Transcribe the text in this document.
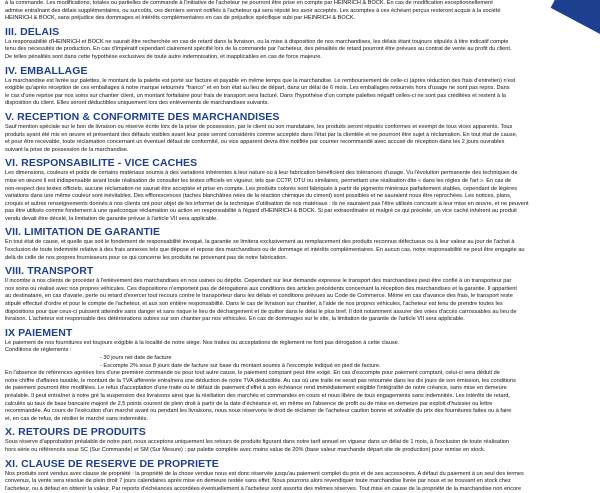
à la commande. Les modifications, totales ou partielles de commande à l'initiative de l'acheteur ne pourront être prise en compte par HEINRICH & BOCK. En cas de modification exceptionnellement

admise entraînant des délais supplémentaires, ou surcoûts, ces derniers seront notifiés à l'acheteur qui sera réputé les avoir acceptés. Les acomptes à ces échéant perçus resteront acquis à la société

HEINRICH & BOCK, sans préjudice des dommages et intérêts complémentaires en cas de préjudice spécifique subi par HEINRICH & BOCK.

III. DELAIS

La responsabilité d'HEINRICH et BOCK ne saurait être recherchée en cas de retard dans la livraison, ou la mise à disposition de nos marchandises, les délais étant toujours stipulés à titre indicatif compte

tenu des nécessités de production. En cas d'impératif cependant clairement spécifié lors de la commande par l'acheteur, des pénalités de retard pourront être prévues au contrat de vente au profit du client.

De telles pénalités sont dans cette hypothèse exclusives de toute autre indemnisation, et inapplicables en cas de force majeure.

IV. EMBALLAGE

La marchandise est livrée sur palettes, le montant de la palette est porté sur facture et payable en même temps que la marchandise. Le remboursement de celle-ci (après réduction des frais d'entretien) n'est

exigible qu'après réception de ces emballages à notre marque retournés "franco" et en bon état au lieu de départ, dans un délai de 6 mois. Les emballages retournés hors d'usage ne sont pas repris. Dans

le cas d'une reprise par nos soins sur chantier client, un montant forfaitaire pour frais de transport sera facturé. Dans l'hypothèse d'un compte palettes négatif celles-ci ne sont pas créditées et restent à la

disposition du client. Elles seront déductibles uniquement lors des enlèvements de marchandises suivants.

V. RECEPTION & CONFORMITE DES MARCHANDISES

Sauf mention spéciale sur le bon de livraison ou réserve écrite lors de la prise de possession, par le client ou son mandataire, les produits seront réputés conformes et exempt de tous vices apparents. Tous

produits ayant été mis en œuvre et présentant des défauts visibles avant leur pose seront considérés comme acceptés dans l'état par la clientèle et ne pourront être sujet à réclamation. En tout état de cause,

et pour être recevable, toute réclamation concernant un éventuel défaut de conformité, ou vice apparent devra être notifiée par courrier recommandé avec accusé de réception dans les 2 jours ouvrables

suivant la prise de possession de la marchandise.

VI. RESPONSABILITE - VICE CACHES

Les dimensions, couleurs et poids de certains matériaux soumis à des variations inhérentes à leur nature ou à leur fabrication bénéficient des tolérances d'usage. Vu l'évolution permanente des techniques de

mise en œuvre il est indispensable avant toute réalisation de consulter les textes officiels en vigueur, tels que CCTP, DTU ou similaires, permettant une réalisation dite « dans les règles de l'art ». En cas de

non-respect des textes officiels, aucune réclamation ne saurait être acceptée et prise en compte. Les produits colorés sont fabriqués à partir de pigments minéraux parfaitement stables, cependant de légères

variations dans une même couleur sont inévitables. Des efflorescences (taches blanchâtres nées de la réaction chimique du ciment) sont possibles et ne sauraient nous être reprochées. Les notices, plans,

croquis et autres renseignements donnés à nos clients ont pour objet de les informer de la technique d'utilisation de nos matériaux : ils ne sauraient pas l'être utilisés concourir à leur mise en œuvre, et ne peuvent

pas être utilisés comme fondement à une quelconque réclamation ou action en responsabilité à l'égard d'HEINRICH & BOCK. Si par extraordinaire et malgré ce qui précède, un vice caché inhérent au produit

vendu devait être décelé, la limitation de garantie prévue à l'article VII sera applicable.

VII. LIMITATION DE GARANTIE

En tout état de cause, et quelle que soit le fondement de responsabilité invoqué, la garantie se limitera exclusivement au remplacement des produits reconnus défectueux ou à leur valeur au jour de l'achat à

l'exclusion de toute indemnité relative à des frais annexes tels que dépose et repose des marchandises ou de dommage et intérêts complémentaires. En aucun cas, notre responsabilité ne peut être engagée au

delà de celle de nos propres fournisseurs pour ce qui concerne les produits ne provenant pas de notre fabrication.

VIII. TRANSPORT

Il incombe à nos clients de procéder à l'enlèvement des marchandises en nos usines ou dépôts. Cependant sur leur demande expresse le transport des marchandises peut être confié à un transporteur par

nos soins ou réalisé avec nos propres véhicules. Ces dispositions n'emportent pas de dérogations aux conditions des articles précédents concernant la réception des marchandises et la garantie. Il appartient

au destinataire, en cas d'avarie, perte ou retard d'exercer tout recours contre le transporteur dans les délais et conditions prévues au Code de Commerce. Même en cas d'avance des frais, le transport reste

stipulé effectué d'ordre et pour le compte de l'acheteur, et aux son entière responsabilité. Dans le cas de livraison sur chantier, à l'aide de nos propres véhicules, l'acheteur est tenu de prendre toutes les

dispositions pour que ceux-ci puissent atteindre sans danger et sans risque le lieu de déchargement et de quitter dans le délai le plus bref. Il doit notamment assurer des voies d'accès carrossables au lieu de

livraison. L'acheteur est responsable des détériorations subies sur son chantier par nos véhicules. En cas de dommages sur le site, la limitation de garantie de l'article VII sera applicable.

IX PAIEMENT

Le paiement de nos fournitures est toujours exigible à la localité de notre siège. Nos traites ou acceptations de règlement ne font pas dérogation à cette clause.

Conditions de règlements :

- 30 jours net date de facture

- Escompte 2% sous 8 jours date de facture sur base du montant soumis à l'escompte indiqué en pied de facture.

En l'absence de références agréées lors d'une première commande ou pour tout autre cause, le paiement comptant peut être exigé. En cas d'escompte pour paiement comptant, celui-ci sera déduit de

notre chiffre d'affaires taxable, le montant de la TVA afférente entraînera une déduction de notre TVA déductible. Au cas où une traite ne serait pas retournée dans les dix jours de son émission, les conditions

de paiement pourront être modifiées. Le refus d'acceptation d'une traite ou le défaut de paiement d'effet à son échéance rend immédiatement exigible l'intégralité de notre créance, sans mise en demeure

préalable. Il peut entraîner à notre gré la suspension des livraisons ainsi que la résiliation des marchés et commandes en cours et nous libère de tous engagements sans indemnités. Les intérêts de retard,

calculés au taux de base bancaire majoré de 2,5 points courent de plein droit à partir de la date d'échéance et, en même en l'absence de profit ou de mise en demeure par exploit d'huissier ou lettre

recommandée. Au cours de l'exécution d'un marché avant ou pendant les livraisons, nous nous réservons le droit de réclamer de l'acheteur caution bonne et solvable du prix des fournitures faites ou à faire

et, en cas de refus, de résilier le marché sans indemnités.

X. RETOURS DE PRODUITS

Sous réserve d'approbation préalable de notre part, nous acceptons uniquement les retours de produits figurant dans notre tarif annuel en vigueur dans un délai de 1 mois, à l'exclusion de toute réalisation

hors série ou référencés sous SC (Sur Commande) et SM (Sur Mesure) ; par palette complète avec moins value de 20% (base valeur marchande départ site de production) pour remise en stock.

XI. CLAUSE DE RESERVE DE PROPRIETE

Nos produits sont vendus avec clause de propriété : la propriété de la chose vendue nous est donc réservée jusqu'au paiement complet du prix et de ses accessoires. A défaut du paiement à un seul des termes

convenus, la vente sera résolue de plein droit 7 jours calendaires après mise en demeure restée sans effet. Nous pourrons alors revendiquer toute marchandise livrée par nous et se trouvant en stock chez

l'acheteur, ou à défaut en obtenir la valeur. Par reports d'échéances accordées éventuellement à l'acheteur sont assortis des mêmes réserves. Tout mise en cause de la propriété de la marchandise non encore
